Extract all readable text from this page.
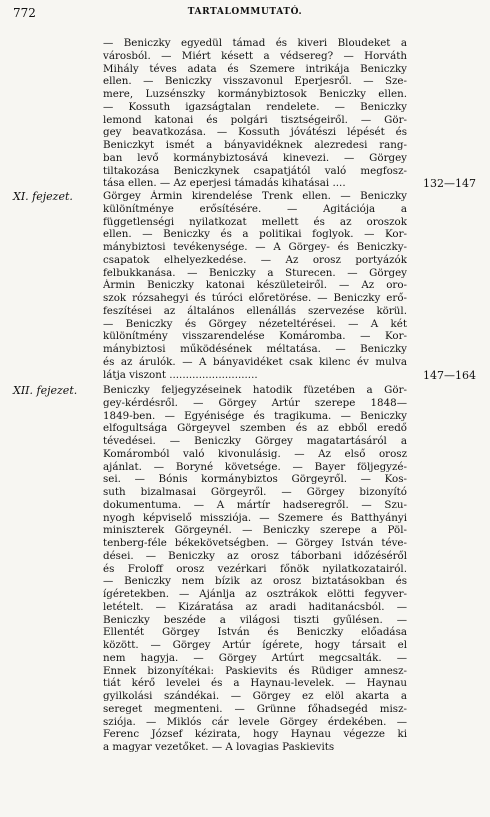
772	TARTALOMMUTATÓ.
— Beniczky egyedül támad és kiveri Bloudeket a
városból. — Miért késett a védsereg? — Horváth
Mihály téves adata és Szemere intrikája Beniczky
ellen. — Beniczky visszavonul Eperjesről. — Sze-
mere, Luzsénszky kormánybiztosok Beniczky ellen.
— Kossuth igazságtalan rendelete. — Beniczky
lemond katonai és polgári tisztségeiről. — Gör-
gey beavatkozása. — Kossuth jóvátészi lépését és
Beniczkyt ismét a bányavidéknek alezredesi rang-
ban levő kormánybiztosává kinevezi. — Görgey
tiltakozása Beniczkynek csapatjától való megfosz-
tása ellen. — Az eperjesi támadás kihatásai ....	132—147
XI. fejezet.	Görgey Ármin kirendelése Trenk ellen. — Beniczky
különítménye erősítésére. — Agitációja a
függetlenségi nyilatkozat mellett és az oroszok
ellen. — Beniczky és a politikai foglyok. — Kor-
mánybiztosi tevékenysége. — A Görgey- és Beniczky-
csapatok elhelyezkedése. — Az orosz portyázók
felbukkanása. — Beniczky a Sturecen. — Görgey
Ármin Beniczky katonai készületeiről. — Az oro-
szok rózsahegyi és túróci előretörése. — Beniczky erő-
feszítései az általános ellenállás szervezése körül.
— Beniczky és Görgey nézeteltérései. — A két
különítmény visszarendelése Komáromba. — Kor-
mánybiztosi működésének méltatása. — Beniczky
és az árulók. — A bányavidéket csak kilenc év mulva
látja viszont ...........................	147—164
XII. fejezet.	Beniczky feljegyzéseinek hatodik füzetében a Gör-
gey-kérdésről. — Görgey Artúr szerepe 1848—
1849-ben. — Egyénisége és tragikuma. — Beniczky
elfogultsága Görgeyvel szemben és az ebből eredő
tévedései. — Beniczky Görgey magatartásáról a
Komáromból való kivonulásig. — Az első orosz
ajánlat. — Boryné követsége. — Bayer följegyzé-
sei. — Bónis kormánybiztos Görgeyről. — Kos-
suth bizalmasai Görgeyről. — Görgey bizonyító
dokumentuma. — A mártír hadseregről. — Szu-
nyogh képviselő missziója. — Szemere és Batthyányi
miniszterek Görgeynél. — Beniczky szerepe a Pöl-
tenberg-féle békekövetségben. — Görgey István téve-
dései. — Beniczky az orosz táborbani időzéséről
és Froloff orosz vezérkari főnök nyilatkozatairól.
— Beniczky nem bízik az orosz biztatásokban és
ígéretekben. — Ajánlja az osztrákok elötti fegyver-
letételt. — Kizáratása az aradi haditanácsból. —
Beniczky beszéde a világosi tiszti gyűlésen. —
Ellentét Görgey István és Beniczky előadása
között. — Görgey Artúr ígérete, hogy társait el
nem hagyja. — Görgey Artúrt megcsalták. —
Ennek bizonyítékai: Paskievits és Rüdiger amnesz-
tiát kérő levelei és a Haynau-levelek. — Haynau
gyilkolási szándékai. — Görgey ez elöl akarta a
sereget megmenteni. — Grünne főhadsegéd misz-
sziója. — Miklós cár levele Görgey érdekében. —
Ferenc József kézirata, hogy Haynau végezze ki
a magyar vezetőket. — A lovagias Paskievits
